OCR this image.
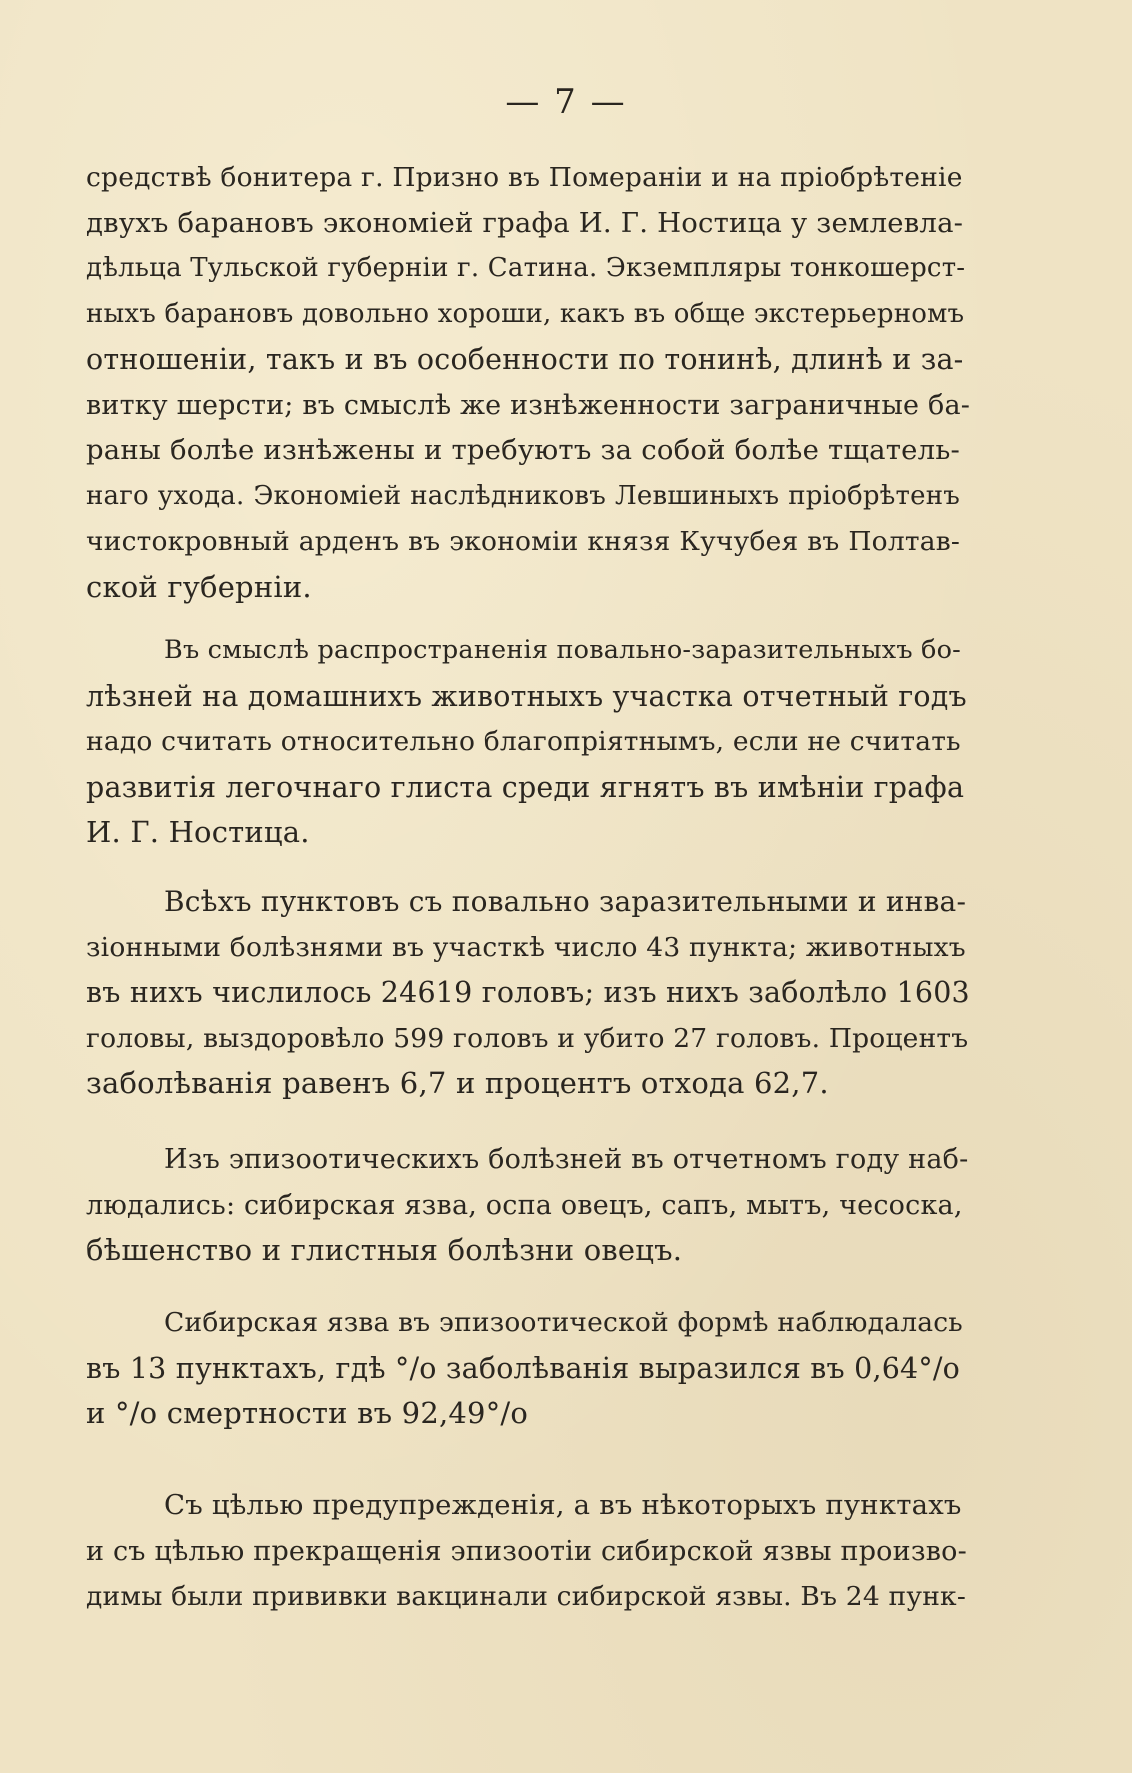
— 7 —
средствѣ бонитера г. Призно въ Помераніи и на пріобрѣтеніе
двухъ барановъ экономіей графа И. Г. Ностица у землевла-
дѣльца Тульской губерніи г. Сатина. Экземпляры тонкошерст-
ныхъ барановъ довольно хороши, какъ въ обще экстерьерномъ
отношеніи, такъ и въ особенности по тонинѣ, длинѣ и за-
витку шерсти; въ смыслѣ же изнѣженности заграничные ба-
раны болѣе изнѣжены и требуютъ за собой болѣе тщатель-
наго ухода. Экономіей наслѣдниковъ Левшиныхъ пріобрѣтенъ
чистокровный арденъ въ экономіи князя Кучубея въ Полтав-
ской губерніи.
Въ смыслѣ распространенія повально-заразительныхъ бо-
лѣзней на домашнихъ животныхъ участка отчетный годъ
надо считать относительно благопріятнымъ, если не считать
развитія легочнаго глиста среди ягнятъ въ имѣніи графа
И. Г. Ностица.
Всѣхъ пунктовъ съ повально заразительными и инва-
зіонными болѣзнями въ участкѣ число 43 пункта; животныхъ
въ нихъ числилось 24619 головъ; изъ нихъ заболѣло 1603
головы, выздоровѣло 599 головъ и убито 27 головъ. Процентъ
заболѣванія равенъ 6,7 и процентъ отхода 62,7.
Изъ эпизоотическихъ болѣзней въ отчетномъ году наб-
людались: сибирская язва, оспа овецъ, сапъ, мытъ, чесоска,
бѣшенство и глистныя болѣзни овецъ.
Сибирская язва въ эпизоотической формѣ наблюдалась
въ 13 пунктахъ, гдѣ °/о заболѣванія выразился въ 0,64°/о
и °/о смертности въ 92,49°/о
Съ цѣлью предупрежденія, а въ нѣкоторыхъ пунктахъ
и съ цѣлью прекращенія эпизоотіи сибирской язвы произво-
димы были прививки вакцинали сибирской язвы. Въ 24 пунк-
